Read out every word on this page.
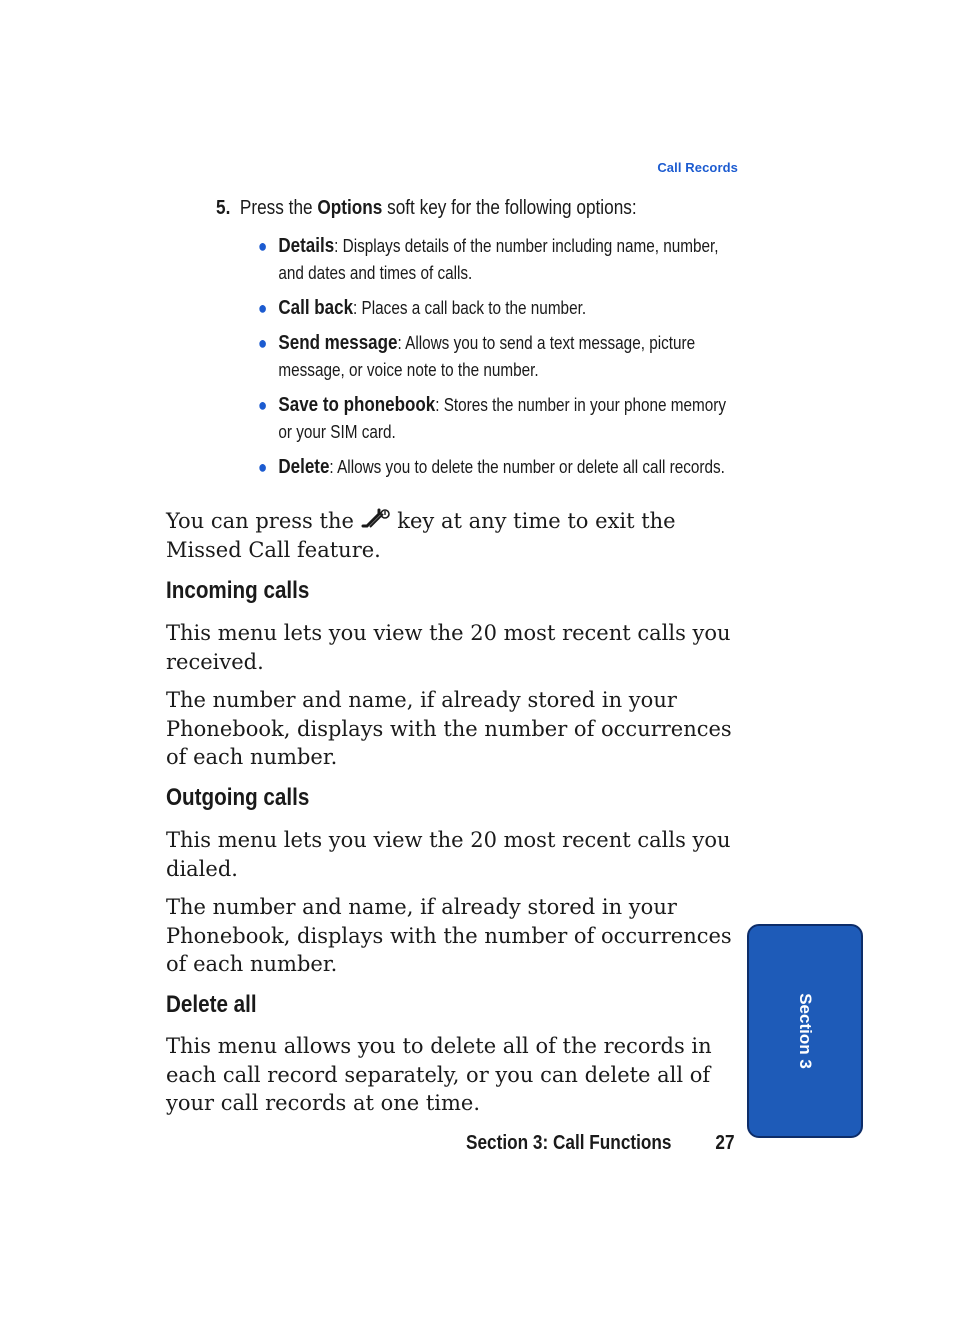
Call Records
5. Press the Options soft key for the following options:
● Details: Displays details of the number including name, number, and dates and times of calls.
● Call back: Places a call back to the number.
● Send message: Allows you to send a text message, picture message, or voice note to the number.
● Save to phonebook: Stores the number in your phone memory or your SIM card.
● Delete: Allows you to delete the number or delete all call records.
You can press the  key at any time to exit the Missed Call feature.
Incoming calls
This menu lets you view the 20 most recent calls you received.
The number and name, if already stored in your Phonebook, displays with the number of occurrences of each number.
Outgoing calls
This menu lets you view the 20 most recent calls you dialed.
The number and name, if already stored in your Phonebook, displays with the number of occurrences of each number.
Delete all
This menu allows you to delete all of the records in each call record separately, or you can delete all of your call records at one time.
Section 3
Section 3: Call Functions 27
